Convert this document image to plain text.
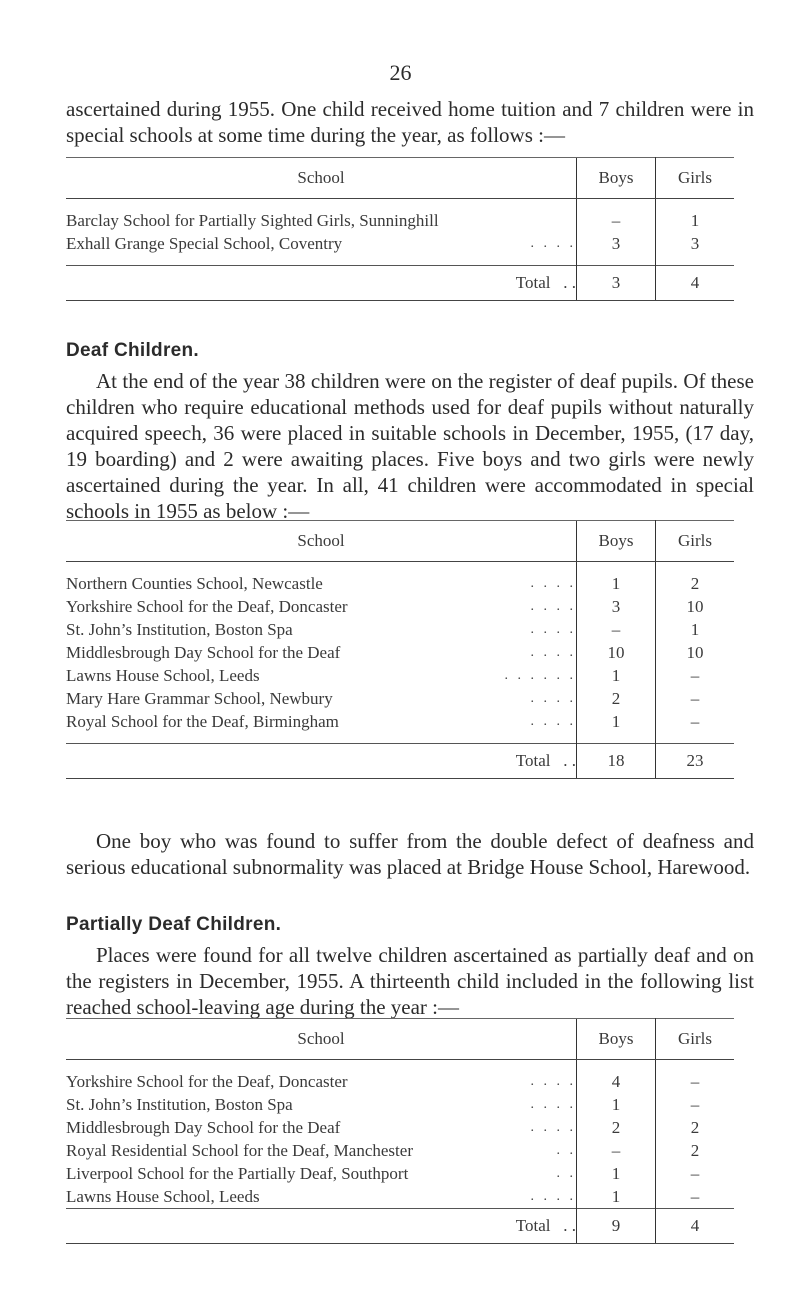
26

ascertained during 1955. One child received home tuition and 7 children were in special schools at some time during the year, as follows :—

School	Boys	Girls

Barclay School for Partially Sighted Girls, Sunninghill	–	1
Exhall Grange Special School, Coventry . . . .	3	3

Total . .	3	4
Deaf Children.

At the end of the year 38 children were on the register of deaf pupils. Of these children who require educational methods used for deaf pupils without naturally acquired speech, 36 were placed in suitable schools in December, 1955, (17 day, 19 boarding) and 2 were awaiting places. Five boys and two girls were newly ascertained during the year. In all, 41 children were accommodated in special schools in 1955 as below :—

School	Boys	Girls

Northern Counties School, Newcastle . . . .	1	2
Yorkshire School for the Deaf, Doncaster . . . .	3	10
St. John’s Institution, Boston Spa . . . .	–	1
Middlesbrough Day School for the Deaf . . . .	10	10
Lawns House School, Leeds . . . . . .	1	–
Mary Hare Grammar School, Newbury . . . .	2	–
Royal School for the Deaf, Birmingham . . . .	1	–

Total . .	18	23

One boy who was found to suffer from the double defect of deafness and serious educational subnormality was placed at Bridge House School, Harewood.

Partially Deaf Children.

Places were found for all twelve children ascertained as partially deaf and on the registers in December, 1955. A thirteenth child included in the following list reached school-leaving age during the year :—

School	Boys	Girls

Yorkshire School for the Deaf, Doncaster . . . .	4	–
St. John’s Institution, Boston Spa . . . .	1	–
Middlesbrough Day School for the Deaf . . . .	2	2
Royal Residential School for the Deaf, Manchester . .	–	2
Liverpool School for the Partially Deaf, Southport . .	1	–
Lawns House School, Leeds . . . .	1	–
Total . .	9	4
